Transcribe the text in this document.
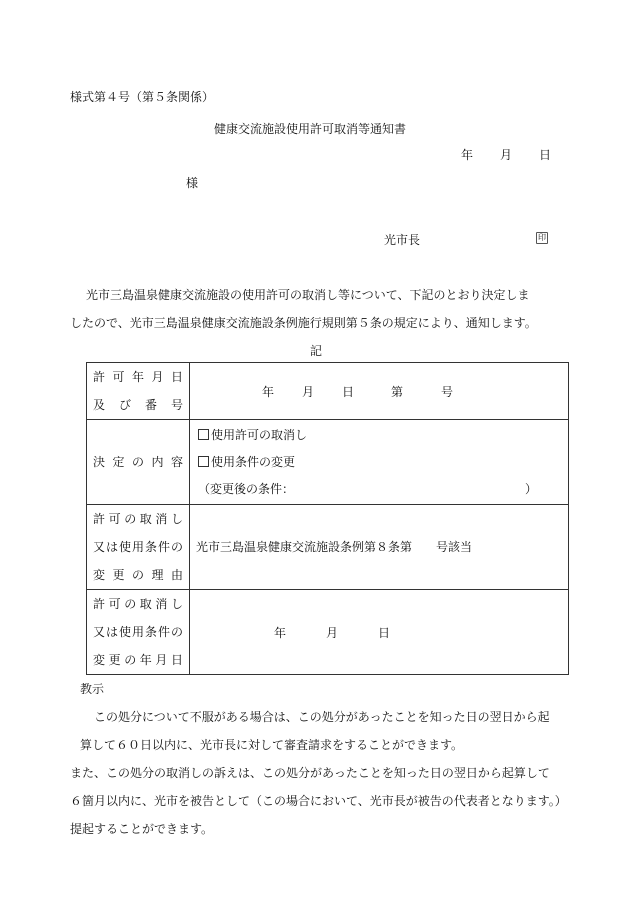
様式第４号（第５条関係）
健康交流施設使用許可取消等通知書
年 月 日
様
光市長	印
光市三島温泉健康交流施設の使用許可の取消し等について、下記のとおり決定しま
したので、光市三島温泉健康交流施設条例施行規則第５条の規定により、通知します。
記
許可年月日
及び番号	年 月 日 第 号

決定の内容	使用許可の取消し
使用条件の変更
（変更後の条件： ）

許可の取消し
又は使用条件の
変更の理由	光市三島温泉健康交流施設条例第８条第　　号該当

許可の取消し
又は使用条件の
変更の年月日	年 月 日
教示
この処分について不服がある場合は、この処分があったことを知った日の翌日から起
算して６０日以内に、光市長に対して審査請求をすることができます。
また、この処分の取消しの訴えは、この処分があったことを知った日の翌日から起算して
６箇月以内に、光市を被告として（この場合において、光市長が被告の代表者となります。）
提起することができます。
